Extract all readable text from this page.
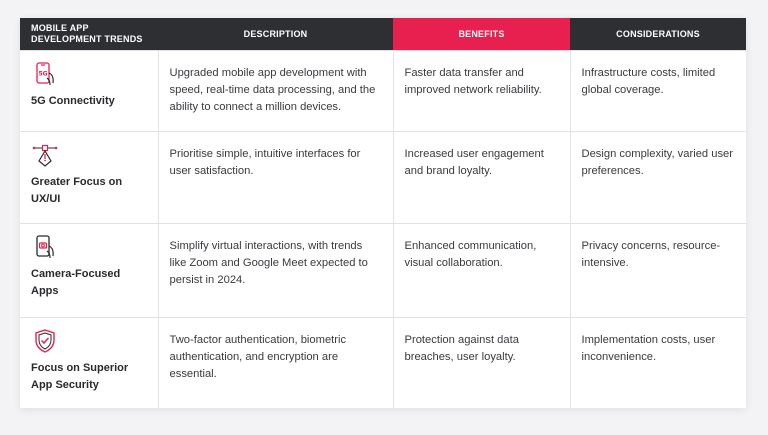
MOBILE APP DEVELOPMENT TRENDS	DESCRIPTION	BENEFITS	CONSIDERATIONS

5G
5G Connectivity	Upgraded mobile app development with speed, real-time data processing, and the ability to connect a million devices.	Faster data transfer and improved network reliability.	Infrastructure costs, limited global coverage.

Greater Focus on UX/UI	Prioritise simple, intuitive interfaces for user satisfaction.	Increased user engagement and brand loyalty.	Design complexity, varied user preferences.

Camera-Focused Apps	Simplify virtual interactions, with trends like Zoom and Google Meet expected to persist in 2024.	Enhanced communication, visual collaboration.	Privacy concerns, resource-intensive.

Focus on Superior App Security	Two-factor authentication, biometric authentication, and encryption are essential.	Protection against data breaches, user loyalty.	Implementation costs, user inconvenience.
